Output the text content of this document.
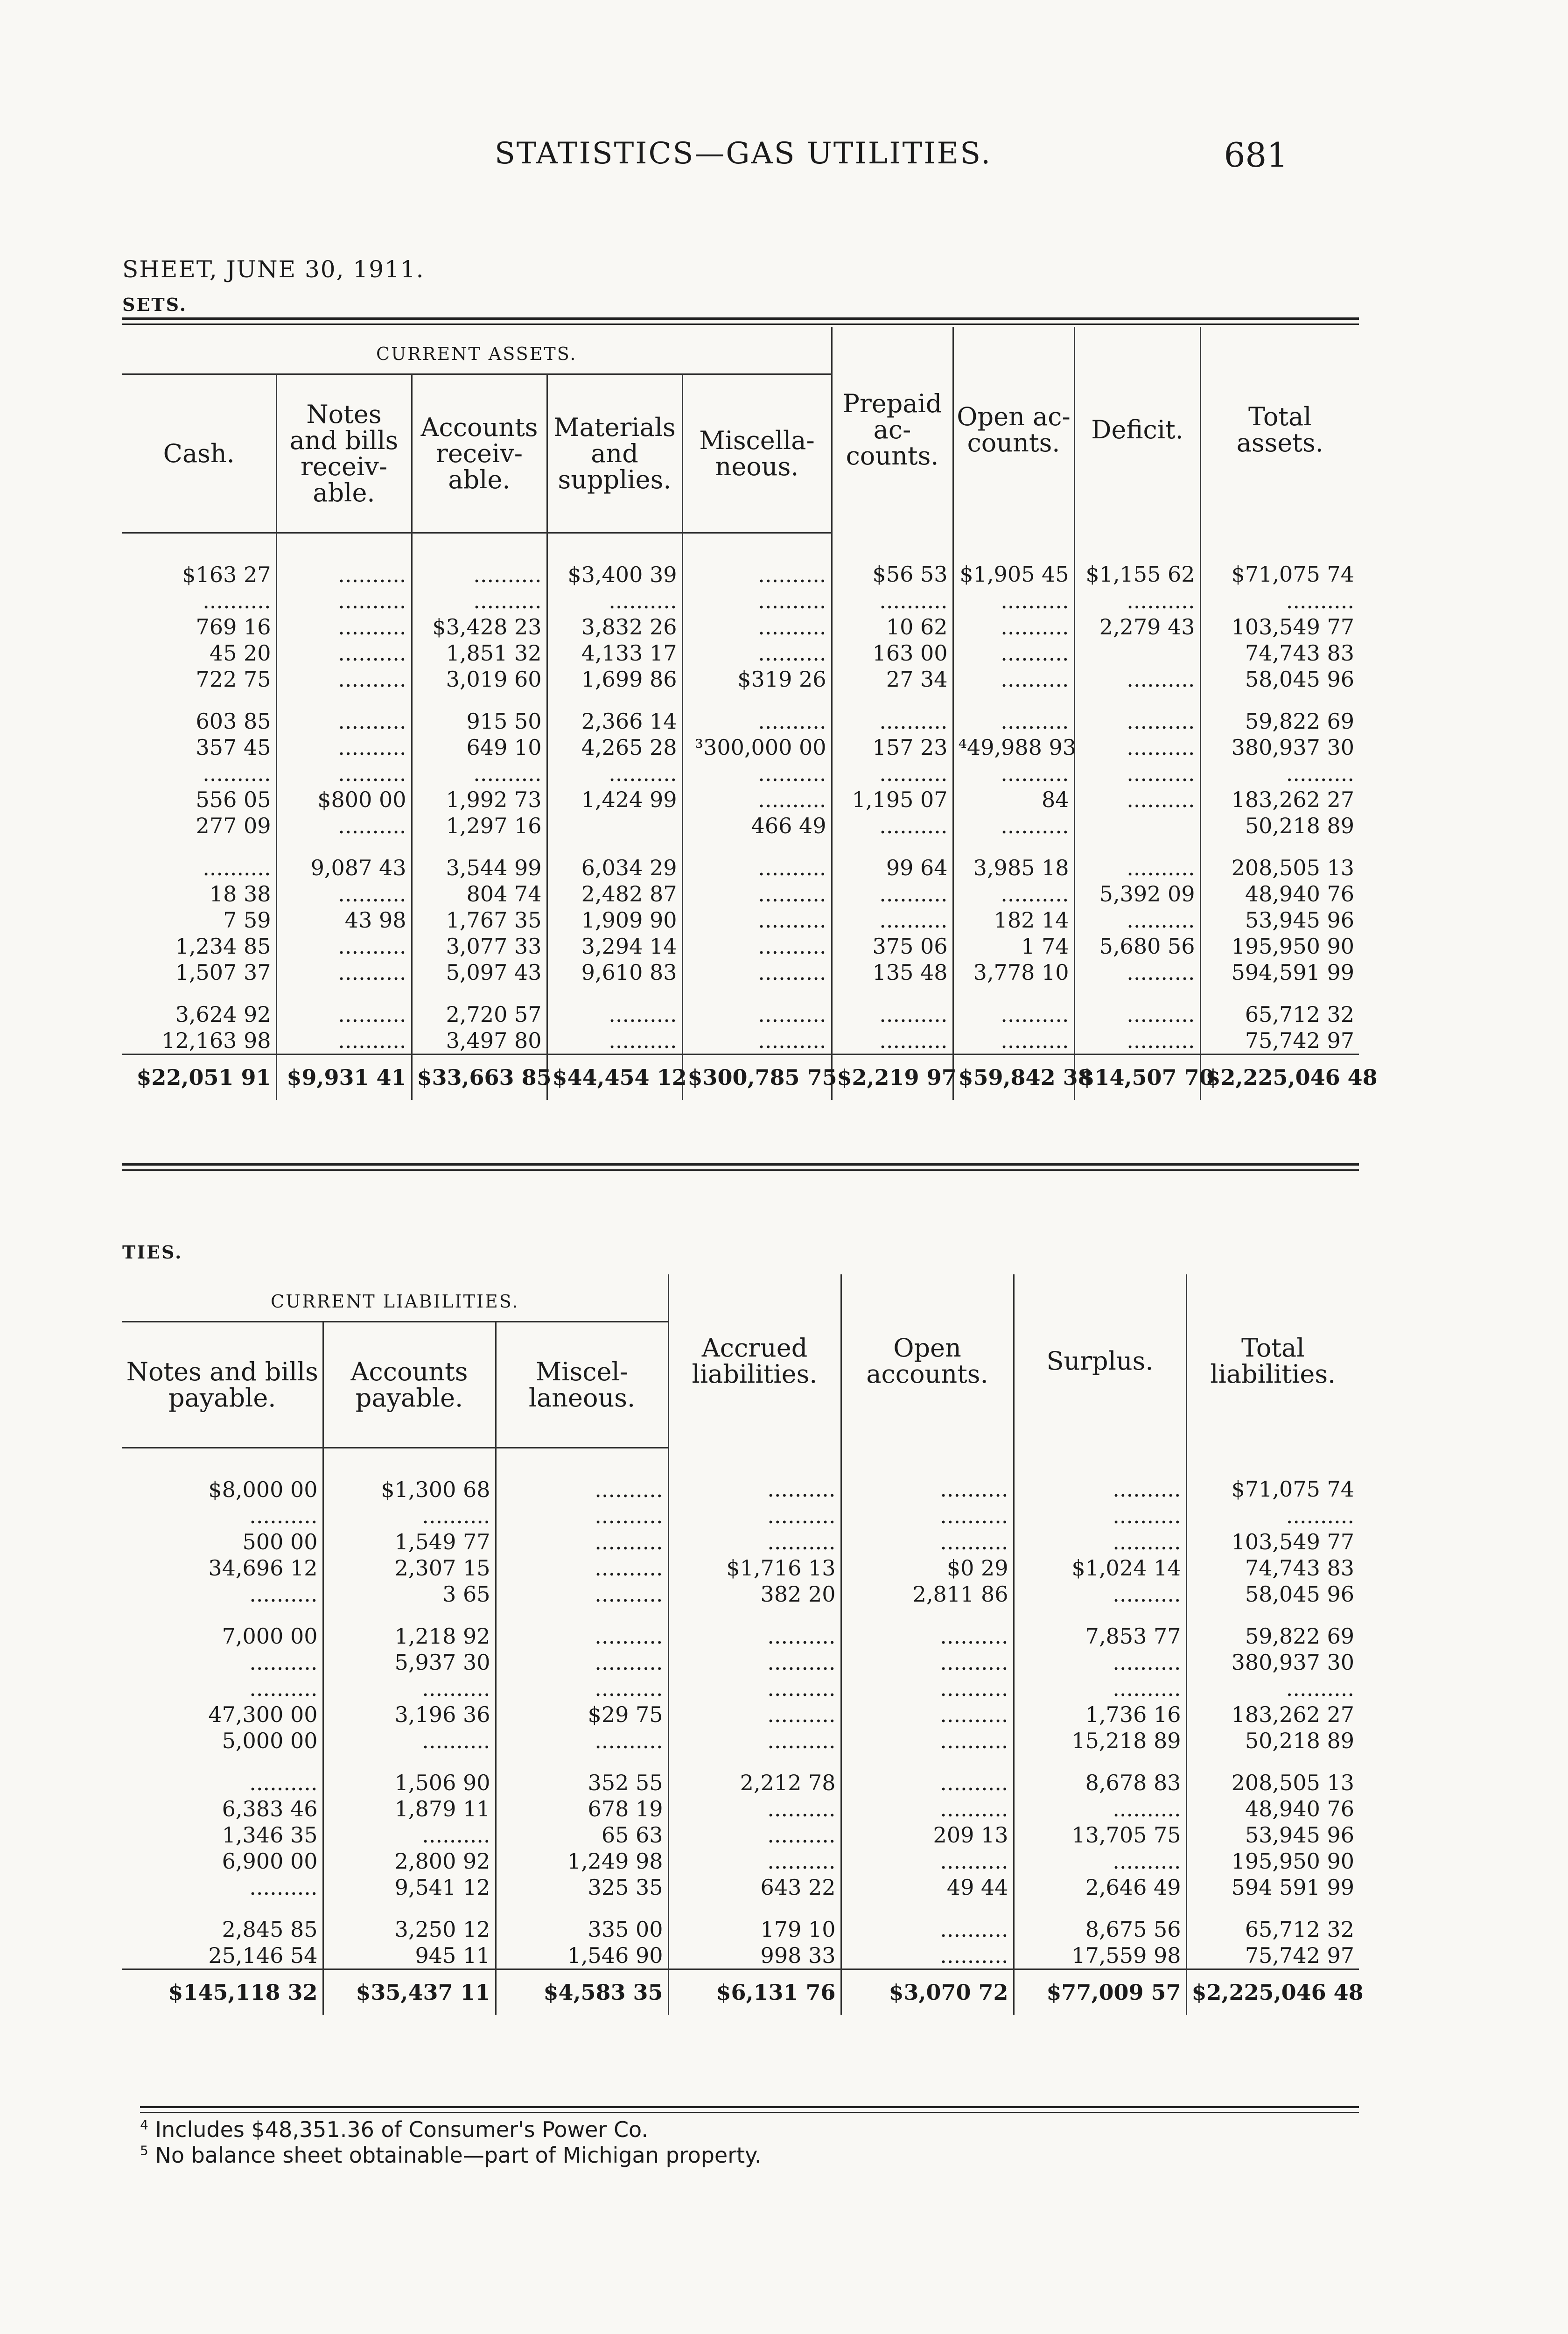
STATISTICS—GAS UTILITIES.	681
SHEET, JUNE 30, 1911.
SETS.
CURRENT ASSETS.					Prepaid ac-counts.	Open ac-counts.	Deficit.	Total assets.
Cash.	Notes and bills receiv-able.	Accounts receiv-able.	Materials and supplies.	Miscella-neous.				
$163 27	..........	..........	$3,400 39	..........	$56 53	$1,905 45	$1,155 62	$71,075 74
..........	..........	..........	..........	..........	..........	..........	..........	..........
769 16	..........	$3,428 23	3,832 26	..........	10 62	..........	2,279 43	103,549 77
45 20	..........	1,851 32	4,133 17	..........	163 00	..........		74,743 83
722 75	..........	3,019 60	1,699 86	$319 26	27 34	..........	..........	58,045 96

603 85	..........	915 50	2,366 14	..........	..........	..........	..........	59,822 69
357 45	..........	649 10	4,265 28	³300,000 00	157 23	⁴49,988 93	..........	380,937 30
..........	..........	..........	..........	..........	..........	..........	..........	..........
556 05	$800 00	1,992 73	1,424 99	..........	1,195 07	84	..........	183,262 27
277 09	..........	1,297 16		466 49	..........	..........		50,218 89

..........	9,087 43	3,544 99	6,034 29	..........	99 64	3,985 18	..........	208,505 13
18 38	..........	804 74	2,482 87	..........	..........	..........	5,392 09	48,940 76
7 59	43 98	1,767 35	1,909 90	..........	..........	182 14	..........	53,945 96
1,234 85	..........	3,077 33	3,294 14	..........	375 06	1 74	5,680 56	195,950 90
1,507 37	..........	5,097 43	9,610 83	..........	135 48	3,778 10	..........	594,591 99

3,624 92	..........	2,720 57	..........	..........	..........	..........	..........	65,712 32
12,163 98	..........	3,497 80	..........	..........	..........	..........	..........	75,742 97
$22,051 91	$9,931 41	$33,663 85	$44,454 12	$300,785 75	$2,219 97	$59,842 38	$14,507 70	$2,225,046 48
TIES.
CURRENT LIABILITIES.			Accrued liabilities.	Open accounts.	Surplus.	Total liabilities.
Notes and bills payable.	Accounts payable.	Miscel-laneous.				
$8,000 00	$1,300 68	..........	..........	..........	..........	$71,075 74
..........	..........	..........	..........	..........	..........	..........
500 00	1,549 77	..........	..........	..........	..........	103,549 77
34,696 12	2,307 15	..........	$1,716 13	$0 29	$1,024 14	74,743 83
..........	3 65	..........	382 20	2,811 86	..........	58,045 96

7,000 00	1,218 92	..........	..........	..........	7,853 77	59,822 69
..........	5,937 30	..........	..........	..........	..........	380,937 30
..........	..........	..........	..........	..........	..........	..........
47,300 00	3,196 36	$29 75	..........	..........	1,736 16	183,262 27
5,000 00	..........	..........	..........	..........	15,218 89	50,218 89

..........	1,506 90	352 55	2,212 78	..........	8,678 83	208,505 13
6,383 46	1,879 11	678 19	..........	..........	..........	48,940 76
1,346 35	..........	65 63	..........	209 13	13,705 75	53,945 96
6,900 00	2,800 92	1,249 98	..........	..........	..........	195,950 90
..........	9,541 12	325 35	643 22	49 44	2,646 49	594 591 99

2,845 85	3,250 12	335 00	179 10	..........	8,675 56	65,712 32
25,146 54	945 11	1,546 90	998 33	..........	17,559 98	75,742 97
$145,118 32	$35,437 11	$4,583 35	$6,131 76	$3,070 72	$77,009 57	$2,225,046 48
$^4$ Includes $48,351.36 of Consumer's Power Co.
$^5$ No balance sheet obtainable—part of Michigan property.
